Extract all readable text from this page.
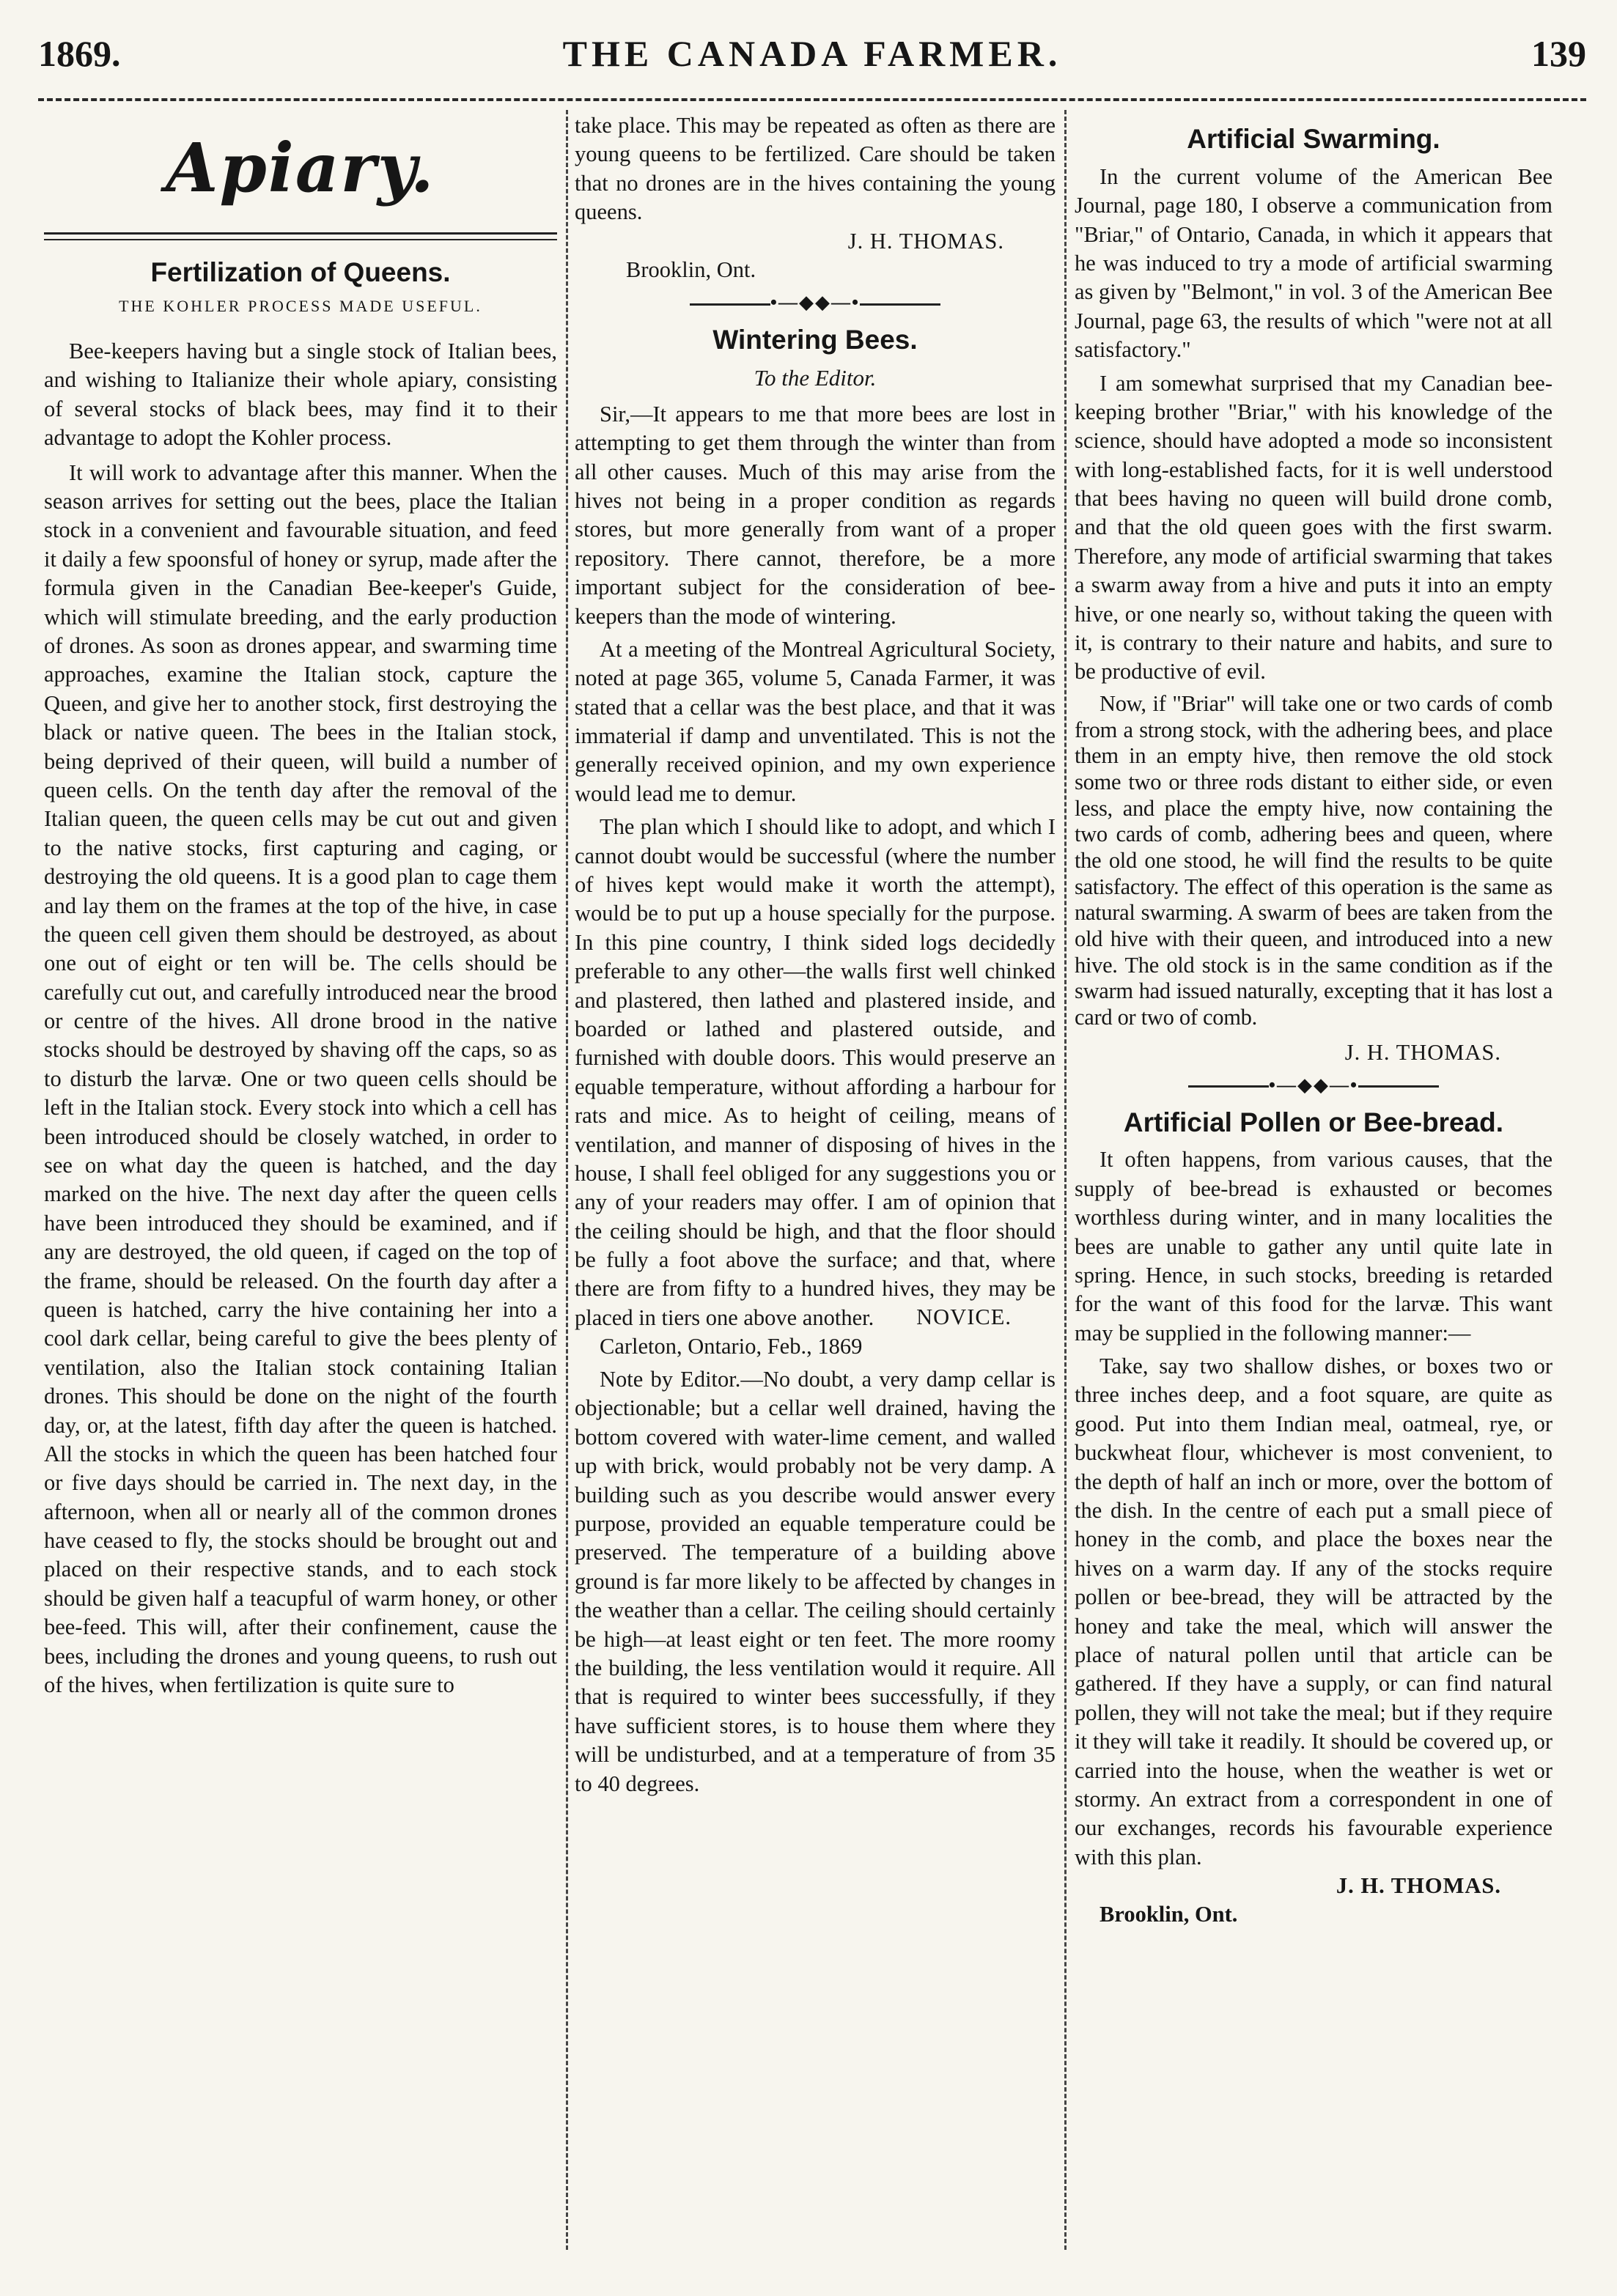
1869.	THE CANADA FARMER.	139
Apiary.
Fertilization of Queens.
THE KOHLER PROCESS MADE USEFUL.

Bee-keepers having but a single stock of Italian bees, and wishing to Italianize their whole apiary, consisting of several stocks of black bees, may find it to their advantage to adopt the Kohler process.

It will work to advantage after this manner. When the season arrives for setting out the bees, place the Italian stock in a convenient and favourable situation, and feed it daily a few spoonsful of honey or syrup, made after the formula given in the Canadian Bee-keeper's Guide, which will stimulate breeding, and the early production of drones. As soon as drones appear, and swarming time approaches, examine the Italian stock, capture the Queen, and give her to another stock, first destroying the black or native queen. The bees in the Italian stock, being deprived of their queen, will build a number of queen cells. On the tenth day after the removal of the Italian queen, the queen cells may be cut out and given to the native stocks, first capturing and caging, or destroying the old queens. It is a good plan to cage them and lay them on the frames at the top of the hive, in case the queen cell given them should be destroyed, as about one out of eight or ten will be. The cells should be carefully cut out, and carefully introduced near the brood or centre of the hives. All drone brood in the native stocks should be destroyed by shaving off the caps, so as to disturb the larvæ. One or two queen cells should be left in the Italian stock. Every stock into which a cell has been introduced should be closely watched, in order to see on what day the queen is hatched, and the day marked on the hive. The next day after the queen cells have been introduced they should be examined, and if any are destroyed, the old queen, if caged on the top of the frame, should be released. On the fourth day after a queen is hatched, carry the hive containing her into a cool dark cellar, being careful to give the bees plenty of ventilation, also the Italian stock containing Italian drones. This should be done on the night of the fourth day, or, at the latest, fifth day after the queen is hatched. All the stocks in which the queen has been hatched four or five days should be carried in. The next day, in the afternoon, when all or nearly all of the common drones have ceased to fly, the stocks should be brought out and placed on their respective stands, and to each stock should be given half a teacupful of warm honey, or other bee-feed. This will, after their confinement, cause the bees, including the drones and young queens, to rush out of the hives, when fertilization is quite sure to

take place. This may be repeated as often as there are young queens to be fertilized. Care should be taken that no drones are in the hives containing the young queens.

J. H. THOMAS.

Brooklin, Ont.

•—◆◆—•
Wintering Bees.
To the Editor.

Sir,—It appears to me that more bees are lost in attempting to get them through the winter than from all other causes. Much of this may arise from the hives not being in a proper condition as regards stores, but more generally from want of a proper repository. There cannot, therefore, be a more important subject for the consideration of bee-keepers than the mode of wintering.

At a meeting of the Montreal Agricultural Society, noted at page 365, volume 5, Canada Farmer, it was stated that a cellar was the best place, and that it was immaterial if damp and unventilated. This is not the generally received opinion, and my own experience would lead me to demur.

The plan which I should like to adopt, and which I cannot doubt would be successful (where the number of hives kept would make it worth the attempt), would be to put up a house specially for the purpose. In this pine country, I think sided logs decidedly preferable to any other—the walls first well chinked and plastered, then lathed and plastered inside, and boarded or lathed and plastered outside, and furnished with double doors. This would preserve an equable temperature, without affording a harbour for rats and mice. As to height of ceiling, means of ventilation, and manner of disposing of hives in the house, I shall feel obliged for any suggestions you or any of your readers may offer. I am of opinion that the ceiling should be high, and that the floor should be fully a foot above the surface; and that, where there are from fifty to a hundred hives, they may be placed in tiers one above another.	NOVICE.

Carleton, Ontario, Feb., 1869

Note by Editor.—No doubt, a very damp cellar is objectionable; but a cellar well drained, having the bottom covered with water-lime cement, and walled up with brick, would probably not be very damp. A building such as you describe would answer every purpose, provided an equable temperature could be preserved. The temperature of a building above ground is far more likely to be affected by changes in the weather than a cellar. The ceiling should certainly be high—at least eight or ten feet. The more roomy the building, the less ventilation would it require. All that is required to winter bees successfully, if they have sufficient stores, is to house them where they will be undisturbed, and at a temperature of from 35 to 40 degrees.

Artificial Swarming.

In the current volume of the American Bee Journal, page 180, I observe a communication from "Briar," of Ontario, Canada, in which it appears that he was induced to try a mode of artificial swarming as given by "Belmont," in vol. 3 of the American Bee Journal, page 63, the results of which "were not at all satisfactory."

I am somewhat surprised that my Canadian bee-keeping brother "Briar," with his knowledge of the science, should have adopted a mode so inconsistent with long-established facts, for it is well understood that bees having no queen will build drone comb, and that the old queen goes with the first swarm. Therefore, any mode of artificial swarming that takes a swarm away from a hive and puts it into an empty hive, or one nearly so, without taking the queen with it, is contrary to their nature and habits, and sure to be productive of evil.

Now, if "Briar" will take one or two cards of comb from a strong stock, with the adhering bees, and place them in an empty hive, then remove the old stock some two or three rods distant to either side, or even less, and place the empty hive, now containing the two cards of comb, adhering bees and queen, where the old one stood, he will find the results to be quite satisfactory. The effect of this operation is the same as natural swarming. A swarm of bees are taken from the old hive with their queen, and introduced into a new hive. The old stock is in the same condition as if the swarm had issued naturally, excepting that it has lost a card or two of comb.

J. H. THOMAS.

•—◆◆—•
Artificial Pollen or Bee-bread.

It often happens, from various causes, that the supply of bee-bread is exhausted or becomes worthless during winter, and in many localities the bees are unable to gather any until quite late in spring. Hence, in such stocks, breeding is retarded for the want of this food for the larvæ. This want may be supplied in the following manner:—

Take, say two shallow dishes, or boxes two or three inches deep, and a foot square, are quite as good. Put into them Indian meal, oatmeal, rye, or buckwheat flour, whichever is most convenient, to the depth of half an inch or more, over the bottom of the dish. In the centre of each put a small piece of honey in the comb, and place the boxes near the hives on a warm day. If any of the stocks require pollen or bee-bread, they will be attracted by the honey and take the meal, which will answer the place of natural pollen until that article can be gathered. If they have a supply, or can find natural pollen, they will not take the meal; but if they require it they will take it readily. It should be covered up, or carried into the house, when the weather is wet or stormy. An extract from a correspondent in one of our exchanges, records his favourable experience with this plan.

J. H. THOMAS.

Brooklin, Ont.
